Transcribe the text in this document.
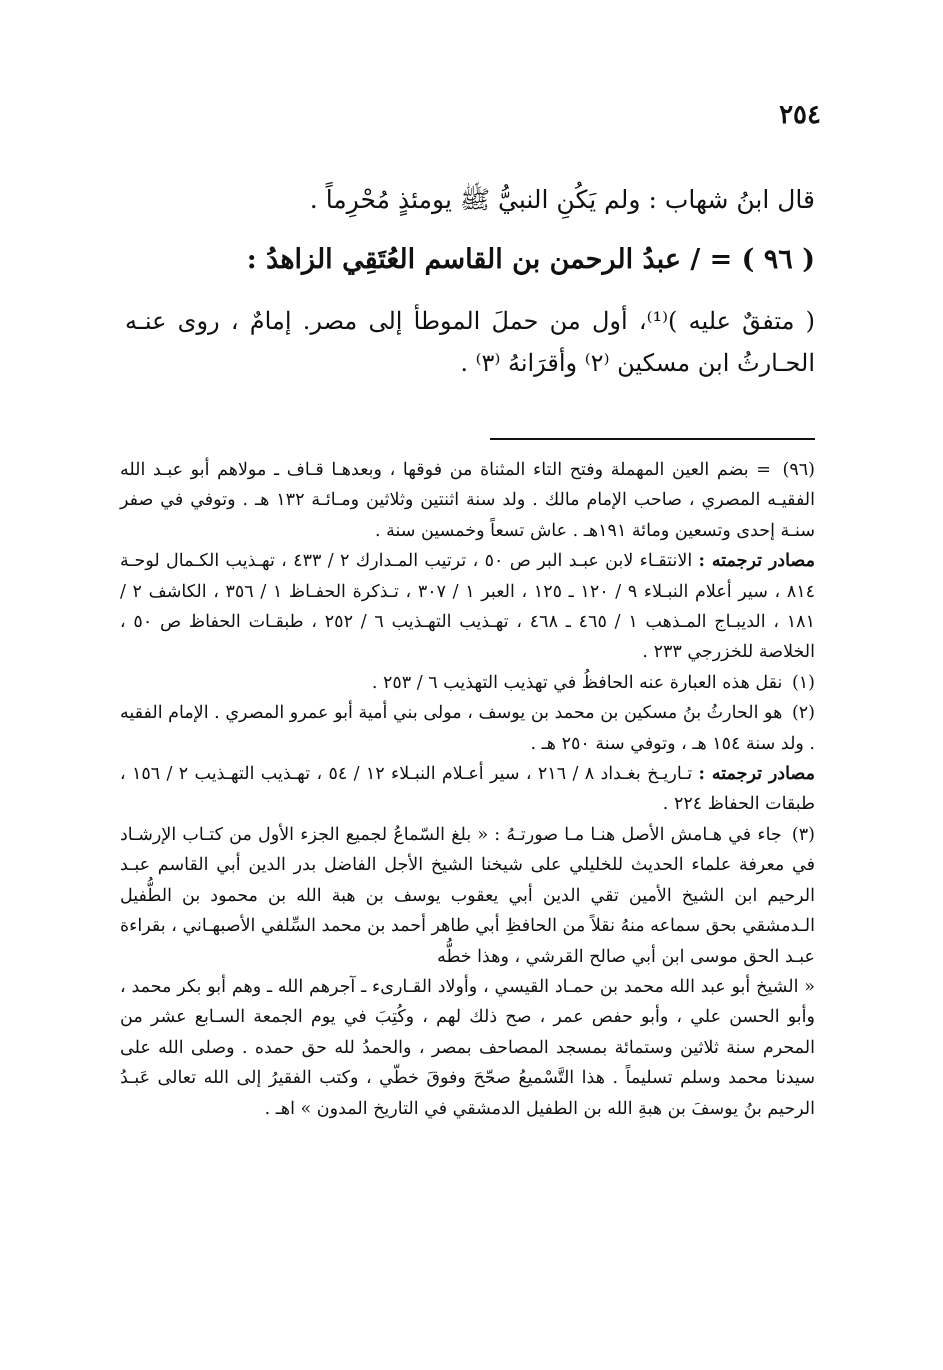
٢٥٤
قال ابنُ شهاب : ولم يَكُنِ النبيُّ ﷺ يومئذٍ مُحْرِماً .
( ٩٦ ) = / عبدُ الرحمن بن القاسم العُتَقِي الزاهدُ :
( متفقٌ عليه )⁽¹⁾، أول من حملَ الموطأ إلى مصر. إمامٌ ، روى عنـه الحـارثُ ابن مسكين ⁽٢⁾ وأقرَانهُ ⁽٣⁾ .
(٩٦) = بضم العين المهملة وفتح التاء المثناة من فوقها ، وبعدهـا قـاف ـ مولاهم أبو عبـد الله الفقيـه المصري ، صاحب الإمام مالك . ولد سنة اثنتين وثلاثين ومـائـة ١٣٢ هـ . وتوفي في صفر سنـة إحدى وتسعين ومائة ١٩١هـ . عاش تسعاً وخمسين سنة .
مصادر ترجمته : الانتقـاء لابن عبـد البر ص ٥٠ ، ترتيب المـدارك ٢ / ٤٣٣ ، تهـذيب الكـمال لوحـة ٨١٤ ، سير أعلام النبـلاء ٩ / ١٢٠ ـ ١٢٥ ، العبر ١ / ٣٠٧ ، تـذكرة الحفـاظ ١ / ٣٥٦ ، الكاشف ٢ / ١٨١ ، الديبـاج المـذهب ١ / ٤٦٥ ـ ٤٦٨ ، تهـذيب التهـذيب ٦ / ٢٥٢ ، طبقـات الحفاظ ص ٥٠ ، الخلاصة للخزرجي ٢٣٣ .
(١) نقل هذه العبارة عنه الحافظُ في تهذيب التهذيب ٦ / ٢٥٣ .
(٢) هو الحارثُ بنُ مسكين بن محمد بن يوسف ، مولى بني أمية أبو عمرو المصري . الإمام الفقيه . ولد سنة ١٥٤ هـ ، وتوفي سنة ٢٥٠ هـ .
مصادر ترجمته : تـاريـخ بغـداد ٨ / ٢١٦ ، سير أعـلام النبـلاء ١٢ / ٥٤ ، تهـذيب التهـذيب ٢ / ١٥٦ ، طبقات الحفاظ ٢٢٤ .
(٣) جاء في هـامش الأصل هنـا مـا صورتـهُ : « بلغ السّماعُ لجميع الجزء الأول من كتـاب الإرشـاد في معرفة علماء الحديث للخليلي على شيخنا الشيخ الأجل الفاضل بدر الدين أبي القاسم عبـد الرحيم ابن الشيخ الأمين تقي الدين أبي يعقوب يوسف بن هبة الله بن محمود بن الطُّفيل الـدمشقي بحق سماعه منهُ نقلاً من الحافظِ أبي طاهر أحمد بن محمد السِّلفي الأصبهـاني ، بقراءة عبـد الحق موسى ابن أبي صالح القرشي ، وهذا خطُّه
« الشيخ أبو عبد الله محمد بن حمـاد القيسي ، وأولاد القـارىء ـ آجرهم الله ـ وهم أبو بكر محمد ، وأبو الحسن علي ، وأبو حفص عمر ، صح ذلك لهم ، وكُتِبَ في يوم الجمعة السـابع عشر من المحرم سنة ثلاثين وستمائة بمسجد المصاحف بمصر ، والحمدُ لله حق حمده . وصلى الله على سيدنا محمد وسلم تسليماً . هذا التَّسْميعُ صحّحَ وفوقَ خطّي ، وكتب الفقيرُ إلى الله تعالى عَبـدُ الرحيم بنُ يوسفَ بن هبةِ الله بن الطفيل الدمشقي في التاريخ المدون » اهـ .
